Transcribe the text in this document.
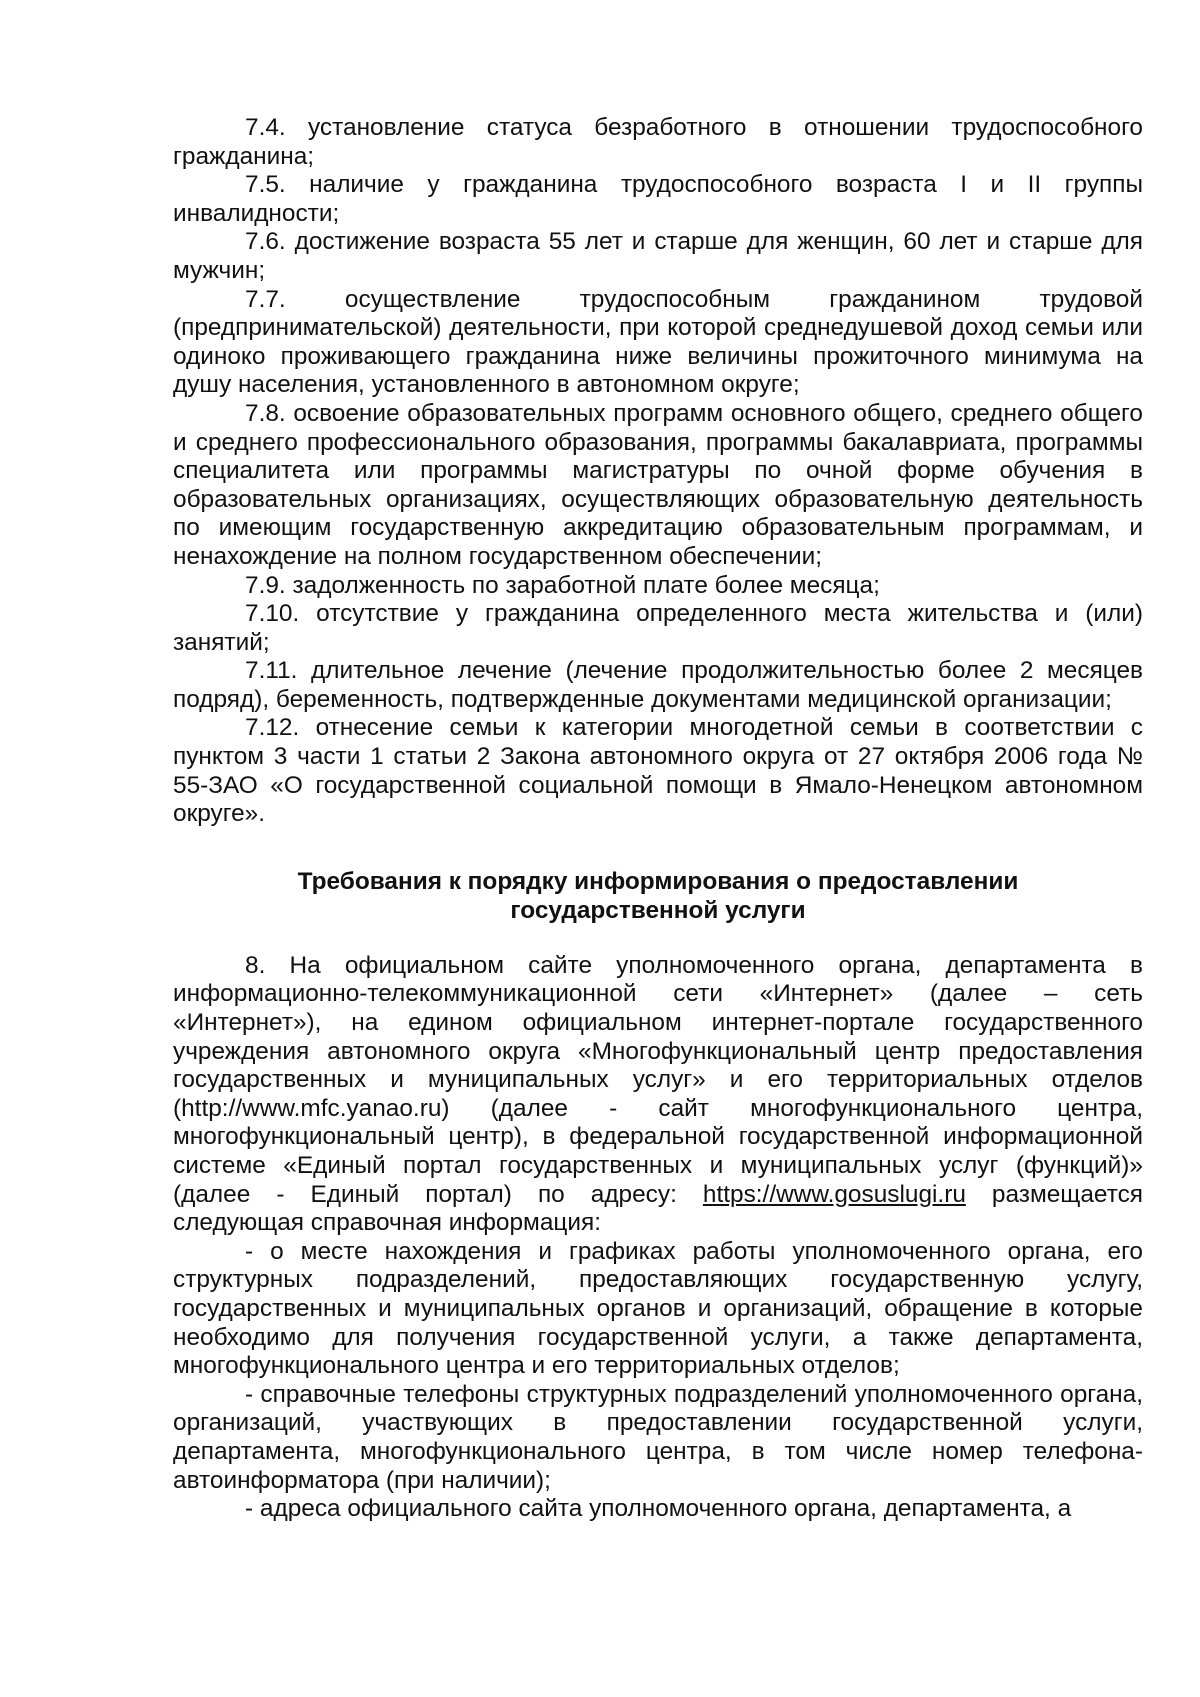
7.4. установление статуса безработного в отношении трудоспособного гражданина;

7.5. наличие у гражданина трудоспособного возраста I и II группы инвалидности;

7.6. достижение возраста 55 лет и старше для женщин, 60 лет и старше для мужчин;

7.7. осуществление трудоспособным гражданином трудовой (предпринимательской) деятельности, при которой среднедушевой доход семьи или одиноко проживающего гражданина ниже величины прожиточного минимума на душу населения, установленного в автономном округе;

7.8. освоение образовательных программ основного общего, среднего общего и среднего профессионального образования, программы бакалавриата, программы специалитета или программы магистратуры по очной форме обучения в образовательных организациях, осуществляющих образовательную деятельность по имеющим государственную аккредитацию образовательным программам, и ненахождение на полном государственном обеспечении;

7.9. задолженность по заработной плате более месяца;

7.10. отсутствие у гражданина определенного места жительства и (или) занятий;

7.11. длительное лечение (лечение продолжительностью более 2 месяцев подряд), беременность, подтвержденные документами медицинской организации;

7.12. отнесение семьи к категории многодетной семьи в соответствии с пунктом 3 части 1 статьи 2 Закона автономного округа от 27 октября 2006 года № 55-ЗАО «О государственной социальной помощи в Ямало-Ненецком автономном округе».

Требования к порядку информирования о предоставлении
государственной услуги

8. На официальном сайте уполномоченного органа, департамента в информационно-телекоммуникационной сети «Интернет» (далее – сеть «Интернет»), на едином официальном интернет-портале государственного учреждения автономного округа «Многофункциональный центр предоставления государственных и муниципальных услуг» и его территориальных отделов (http://www.mfc.yanao.ru) (далее - сайт многофункционального центра, многофункциональный центр), в федеральной государственной информационной системе «Единый портал государственных и муниципальных услуг (функций)» (далее - Единый портал) по адресу: https://www.gosuslugi.ru размещается следующая справочная информация:

- о месте нахождения и графиках работы уполномоченного органа, его структурных подразделений, предоставляющих государственную услугу, государственных и муниципальных органов и организаций, обращение в которые необходимо для получения государственной услуги, а также департамента, многофункционального центра и его территориальных отделов;

- справочные телефоны структурных подразделений уполномоченного органа, организаций, участвующих в предоставлении государственной услуги, департамента, многофункционального центра, в том числе номер телефона-автоинформатора (при наличии);

- адреса официального сайта уполномоченного органа, департамента, а
